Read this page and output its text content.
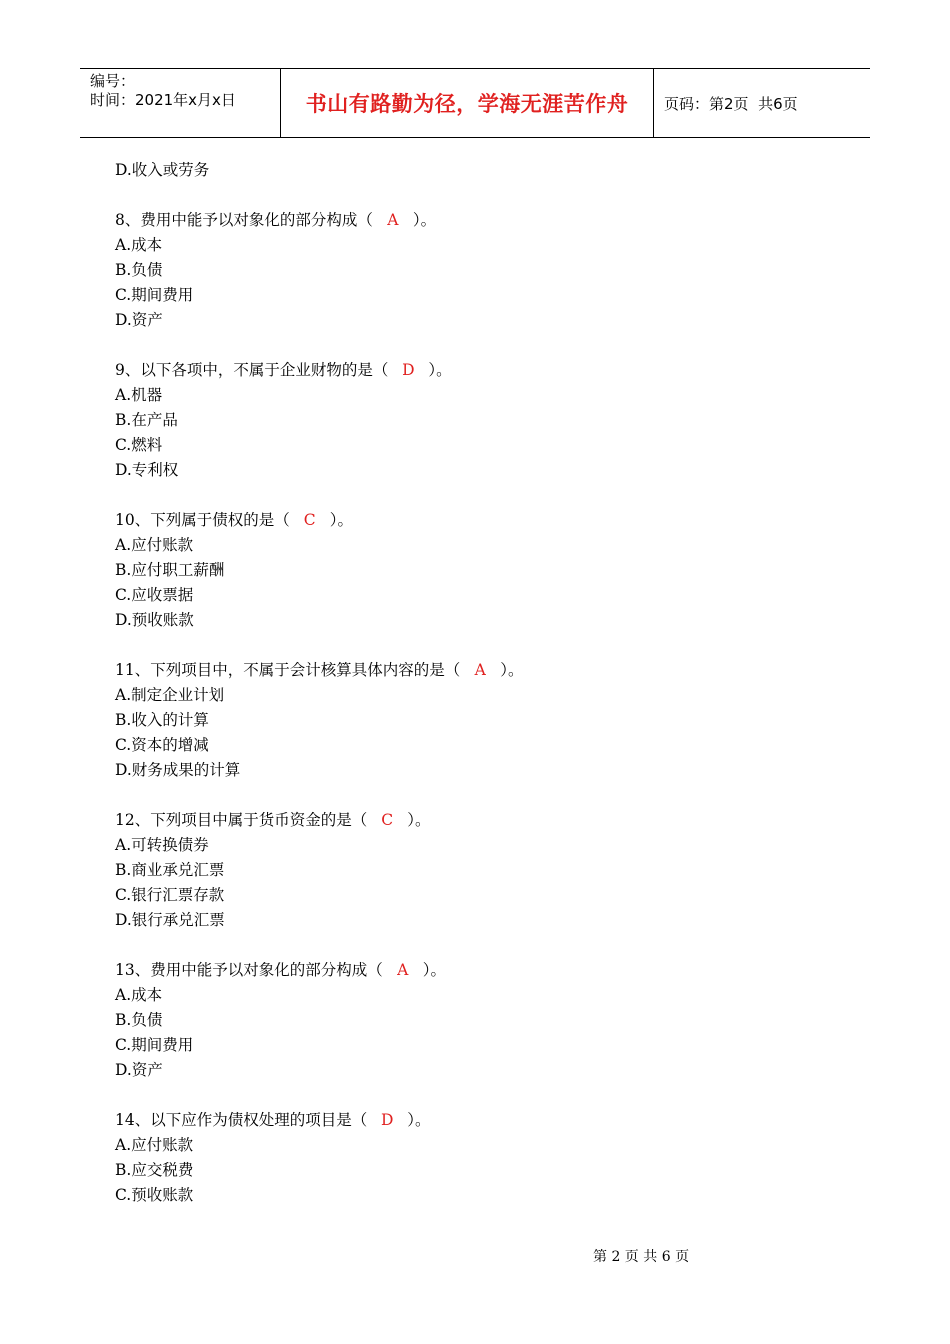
编号：
时间：2021年x月x日	书山有路勤为径，学海无涯苦作舟 页码：第2页  共6页
D.收入或劳务
8、费用中能予以对象化的部分构成（ A ）。
A.成本
B.负债
C.期间费用
D.资产
9、以下各项中，不属于企业财物的是（ D ）。
A.机器
B.在产品
C.燃料
D.专利权
10、下列属于债权的是（ C ）。
A.应付账款
B.应付职工薪酬
C.应收票据
D.预收账款
11、下列项目中，不属于会计核算具体内容的是（ A ）。
A.制定企业计划
B.收入的计算
C.资本的增减
D.财务成果的计算
12、下列项目中属于货币资金的是（ C ）。
A.可转换债券
B.商业承兑汇票
C.银行汇票存款
D.银行承兑汇票
13、费用中能予以对象化的部分构成（ A ）。
A.成本
B.负债
C.期间费用
D.资产
14、以下应作为债权处理的项目是（ D ）。
A.应付账款
B.应交税费
C.预收账款
第 2 页 共 6 页
